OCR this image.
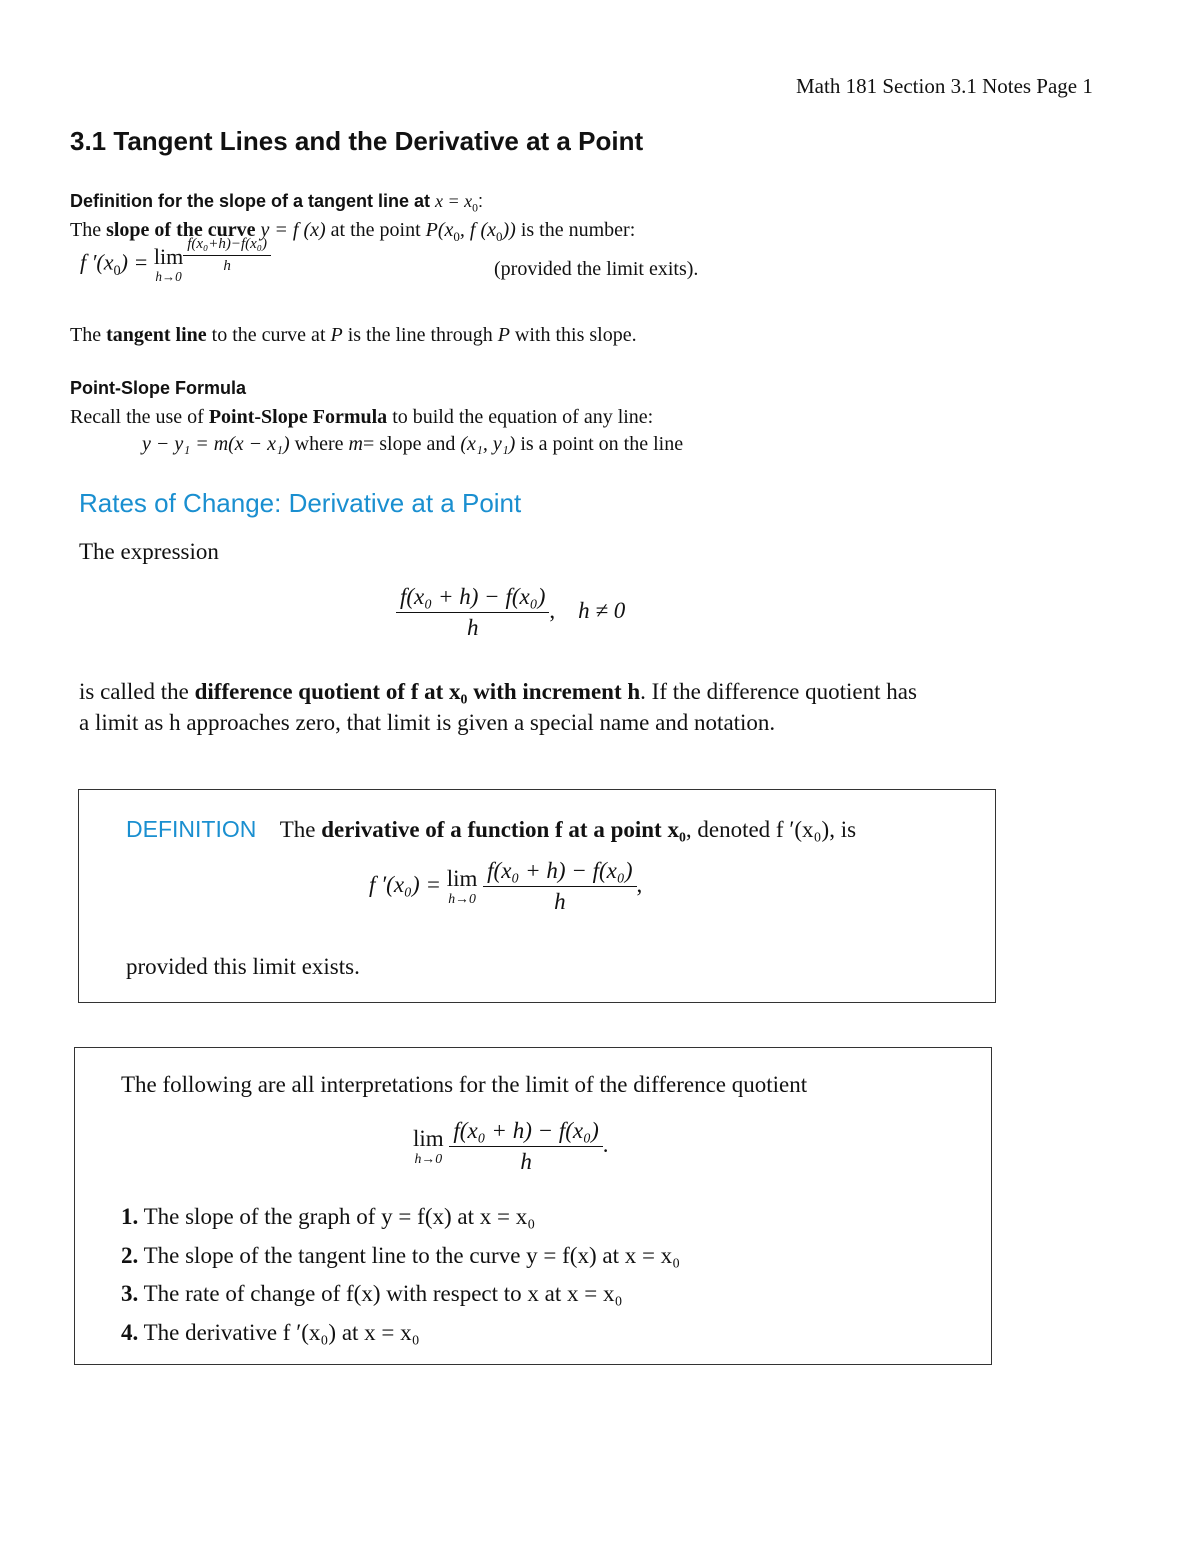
Math 181 Section 3.1 Notes Page 1
3.1 Tangent Lines and the Derivative at a Point
Definition for the slope of a tangent line at $x = x_0$:
The slope of the curve y = f (x) at the point $P(x_0$, f $(x_0)$) is the number:
f $'(x_0) = \lim$
h→0
$\frac{\text{f(x₀+h)−f(x₀)}}{h}$	(provided the limit exits).
The tangent line to the curve at P is the line through P with this slope.
Point-Slope Formula
Recall the use of Point-Slope Formula to build the equation of any line:
y − y₁ = m(x − x₁) where m= slope and (x₁, y₁) is a point on the line
Rates of Change: Derivative at a Point
The expression
$\frac{\text{f(x₀ + h) − f(x₀)}}{h}$ ,    h ≠ 0
is called the difference quotient of f at x₀ with increment h. If the difference quotient has
a limit as h approaches zero, that limit is given a special name and notation.
DEFINITION The derivative of a function f at a point x₀, denoted f ′(x₀), is
f ′(x₀) = lim
h→0
$\frac{\text{f(x₀ + h) − f(x₀)}}{h}$ ,
provided this limit exists.
The following are all interpretations for the limit of the difference quotient
lim
h→0
$\frac{\text{f(x₀ + h) − f(x₀)}}{h}$ .
1. The slope of the graph of y = f(x) at x = x₀
2. The slope of the tangent line to the curve y = f(x) at x = x₀
3. The rate of change of f(x) with respect to x at x = x₀
4. The derivative f ′(x₀) at x = x₀
